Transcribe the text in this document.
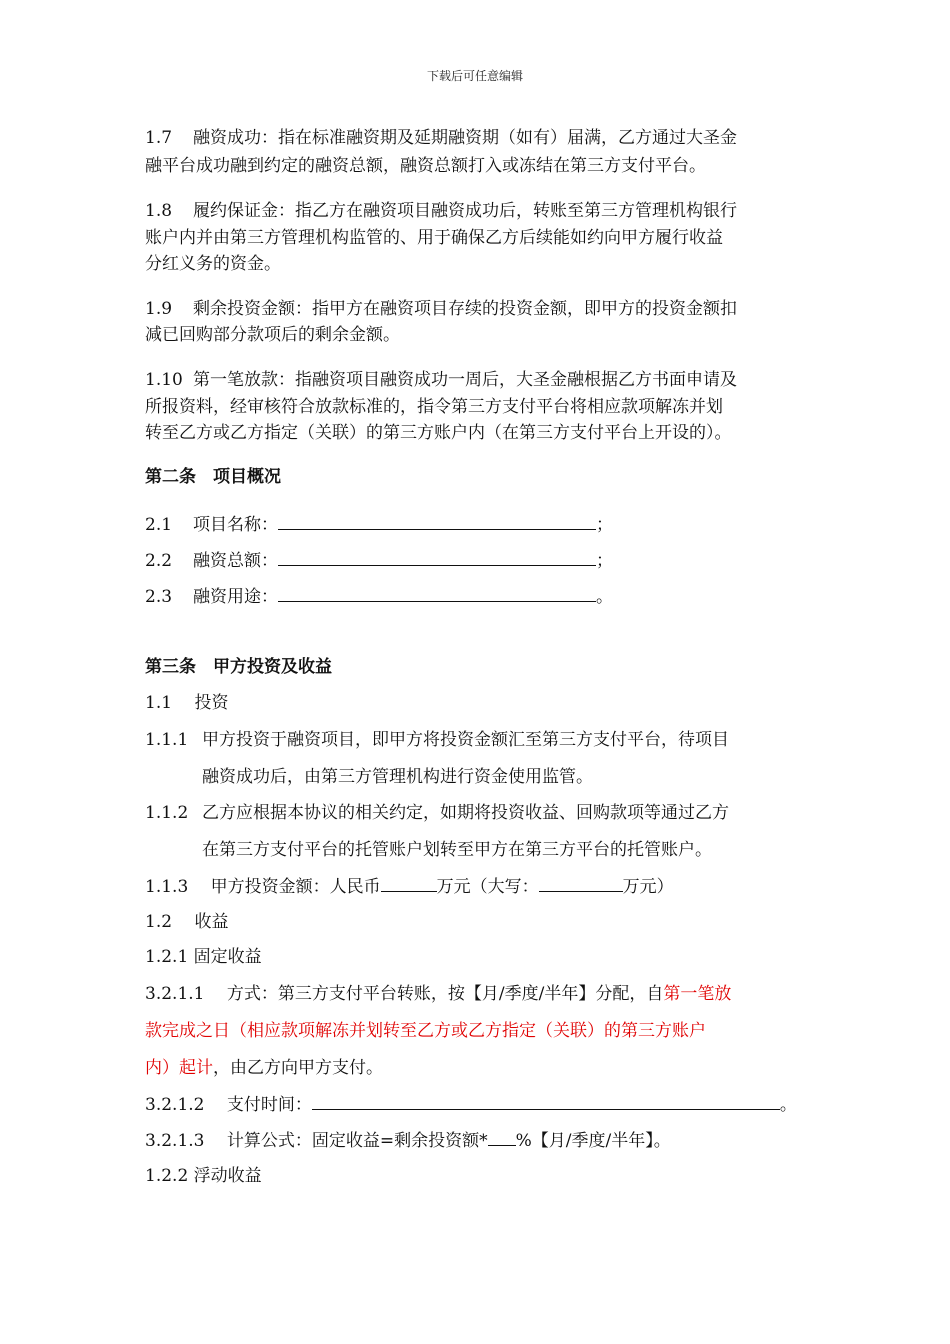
下载后可任意编辑
1.7 融资成功：指在标准融资期及延期融资期（如有）届满，乙方通过大圣金
融平台成功融到约定的融资总额，融资总额打入或冻结在第三方支付平台。
1.8 履约保证金：指乙方在融资项目融资成功后，转账至第三方管理机构银行
账户内并由第三方管理机构监管的、用于确保乙方后续能如约向甲方履行收益
分红义务的资金。
1.9 剩余投资金额：指甲方在融资项目存续的投资金额，即甲方的投资金额扣
减已回购部分款项后的剩余金额。
1.10 第一笔放款：指融资项目融资成功一周后，大圣金融根据乙方书面申请及
所报资料，经审核符合放款标准的，指令第三方支付平台将相应款项解冻并划
转至乙方或乙方指定（关联）的第三方账户内（在第三方支付平台上开设的）。
第二条　项目概况
2.1 项目名称：	；
2.2 融资总额：	；
2.3 融资用途：	。
第三条　甲方投资及收益
1.1　 投资
1.1.1 甲方投资于融资项目，即甲方将投资金额汇至第三方支付平台，待项目
融资成功后，由第三方管理机构进行资金使用监管。
1.1.2 乙方应根据本协议的相关约定，如期将投资收益、回购款项等通过乙方
在第三方支付平台的托管账户划转至甲方在第三方平台的托管账户。
1.1.3　 甲方投资金额：人民币	万元（大写：	万元）
1.2　 收益
1.2.1 固定收益
3.2.1.1　 方式：第三方支付平台转账，按【月/季度/半年】分配，自第一笔放
款完成之日（相应款项解冻并划转至乙方或乙方指定（关联）的第三方账户
内）起计，由乙方向甲方支付。
3.2.1.2　 支付时间：	。
3.2.1.3　 计算公式：固定收益=剩余投资额* %【月/季度/半年】。
1.2.2 浮动收益
